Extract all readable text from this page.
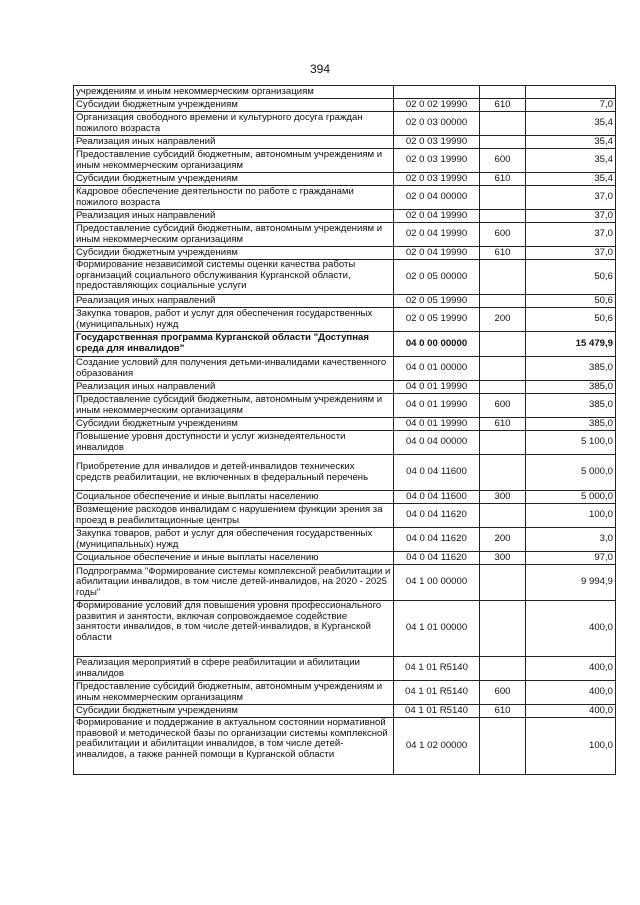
394
учреждениям и иным некоммерческим организациям			
Субсидии бюджетным учреждениям	02 0 02 19990	610	7,0
Организация свободного времени и культурного досуга граждан пожилого возраста	02 0 03 00000		35,4
Реализация иных направлений	02 0 03 19990		35,4
Предоставление субсидий бюджетным, автономным учреждениям и иным некоммерческим организациям	02 0 03 19990	600	35,4
Субсидии бюджетным учреждениям	02 0 03 19990	610	35,4
Кадровое обеспечение деятельности по работе с гражданами пожилого возраста	02 0 04 00000		37,0
Реализация иных направлений	02 0 04 19990		37,0
Предоставление субсидий бюджетным, автономным учреждениям и иным некоммерческим организациям	02 0 04 19990	600	37,0
Субсидии бюджетным учреждениям	02 0 04 19990	610	37,0
Формирование независимой системы оценки качества работы организаций социального обслуживания Курганской области, предоставляющих социальные услуги	02 0 05 00000		50,6
Реализация иных направлений	02 0 05 19990		50,6
Закупка товаров, работ и услуг для обеспечения государственных (муниципальных) нужд	02 0 05 19990	200	50,6
Государственная программа Курганской области "Доступная среда для инвалидов"	04 0 00 00000		15 479,9
Создание условий для получения детьми-инвалидами качественного образования	04 0 01 00000		385,0
Реализация иных направлений	04 0 01 19990		385,0
Предоставление субсидий бюджетным, автономным учреждениям и иным некоммерческим организациям	04 0 01 19990	600	385,0
Субсидии бюджетным учреждениям	04 0 01 19990	610	385,0
Повышение уровня доступности и услуг жизнедеятельности инвалидов	04 0 04 00000		5 100,0
Приобретение для инвалидов и детей-инвалидов технических средств реабилитации, не включенных в федеральный перечень	04 0 04 11600		5 000,0
Социальное обеспечение и иные выплаты населению	04 0 04 11600	300	5 000,0
Возмещение расходов инвалидам с нарушением функции зрения за проезд в реабилитационные центры	04 0 04 11620		100,0
Закупка товаров, работ и услуг для обеспечения государственных (муниципальных) нужд	04 0 04 11620	200	3,0
Социальное обеспечение и иные выплаты населению	04 0 04 11620	300	97,0
Подпрограмма "Формирование системы комплексной реабилитации и абилитации инвалидов, в том числе детей-инвалидов, на 2020 - 2025 годы"	04 1 00 00000		9 994,9
Формирование условий для повышения уровня профессионального развития и занятости, включая сопровождаемое содействие занятости инвалидов, в том числе детей-инвалидов, в Курганской области	04 1 01 00000		400,0
Реализация мероприятий в сфере реабилитации и абилитации инвалидов	04 1 01 R5140		400,0
Предоставление субсидий бюджетным, автономным учреждениям и иным некоммерческим организациям	04 1 01 R5140	600	400,0
Субсидии бюджетным учреждениям	04 1 01 R5140	610	400,0
Формирование и поддержание в актуальном состоянии нормативной правовой и методической базы по организации системы комплексной реабилитации и абилитации инвалидов, в том числе детей-инвалидов, а также ранней помощи в Курганской области	04 1 02 00000		100,0
